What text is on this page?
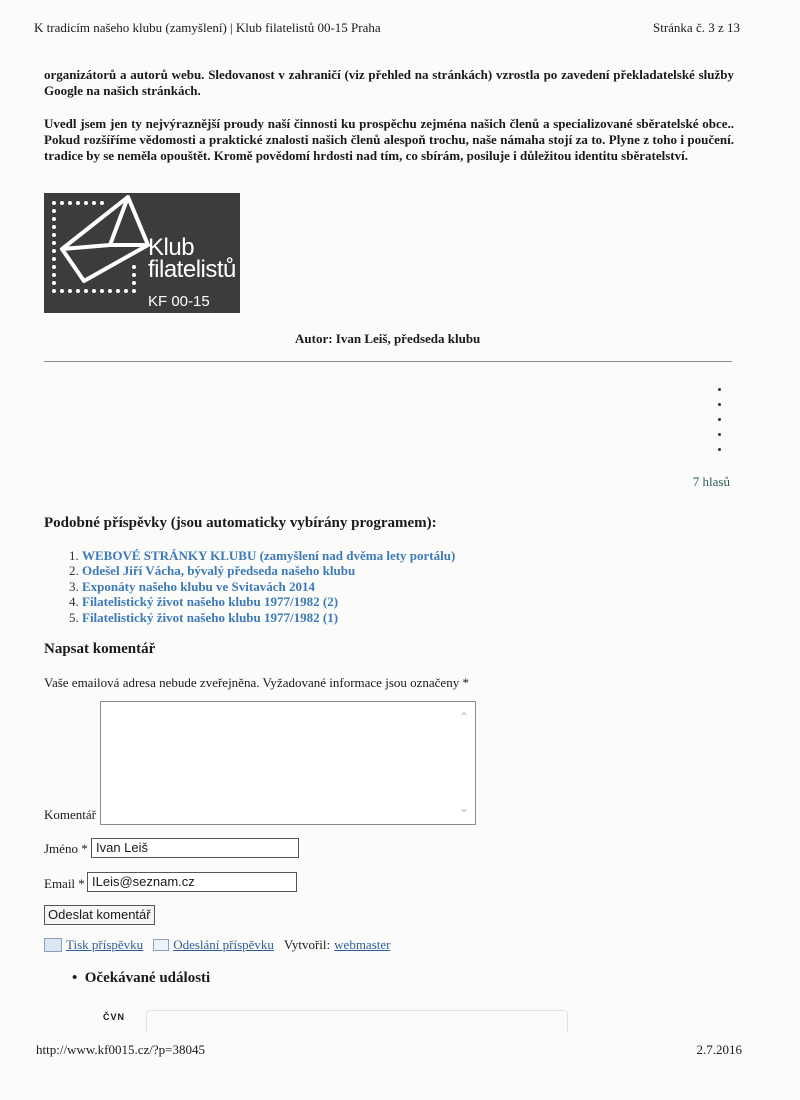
K tradicím našeho klubu (zamyšlení) | Klub filatelistů 00-15 Praha	Stránka č. 3 z 13
organizátorů a autorů webu. Sledovanost v zahraničí (viz přehled na stránkách) vzrostla po zavedení překladatelské služby Google na našich stránkách.
Uvedl jsem jen ty nejvýraznější proudy naší činnosti ku prospěchu zejména našich členů a specializované sběratelské obce.. Pokud rozšíříme vědomosti a praktické znalosti našich členů alespoň trochu, naše námaha stojí za to. Plyne z toho i poučení. tradice by se neměla opouštět. Kromě povědomí hrdosti nad tím, co sbírám, posiluje i důležitou identitu sběratelství.
Klub
filatelistů
KF 00-15
Autor: Ivan Leiš, předseda klubu
7 hlasů
Podobné příspěvky (jsou automaticky vybírány programem):
1. WEBOVÉ STRÁNKY KLUBU (zamyšlení nad dvěma lety portálu)
2. Odešel Jiří Vácha, bývalý předseda našeho klubu
3. Exponáty našeho klubu ve Svitavách 2014
4. Filatelistický život našeho klubu 1977/1982 (2)
5. Filatelistický život našeho klubu 1977/1982 (1)
Napsat komentář
Vaše emailová adresa nebude zveřejněna. Vyžadované informace jsou označeny *
Komentář
⌃
⌄
Jméno * Ivan Leiš
Email * ILeis@seznam.cz
Odeslat komentář
Tisk příspěvku Odeslání příspěvku Vytvořil: webmaster
• Očekávané události
ČVN
http://www.kf0015.cz/?p=38045	2.7.2016
